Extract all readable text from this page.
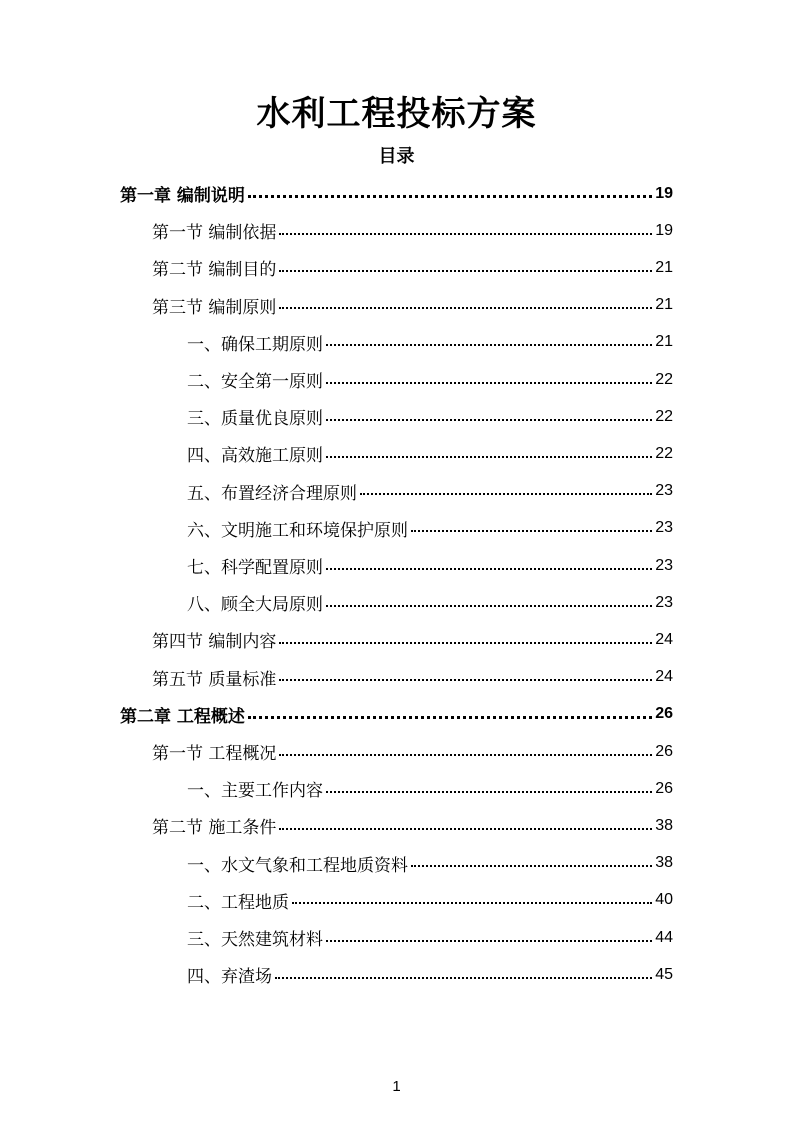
水利工程投标方案
目录
第一章 编制说明	19
第一节 编制依据	19
第二节 编制目的	21
第三节 编制原则	21
一、确保工期原则	21
二、安全第一原则	22
三、质量优良原则	22
四、高效施工原则	22
五、布置经济合理原则	23
六、文明施工和环境保护原则	23
七、科学配置原则	23
八、顾全大局原则	23
第四节 编制内容	24
第五节 质量标准	24
第二章 工程概述	26
第一节 工程概况	26
一、主要工作内容	26
第二节 施工条件	38
一、水文气象和工程地质资料	38
二、工程地质	40
三、天然建筑材料	44
四、弃渣场	45
1
